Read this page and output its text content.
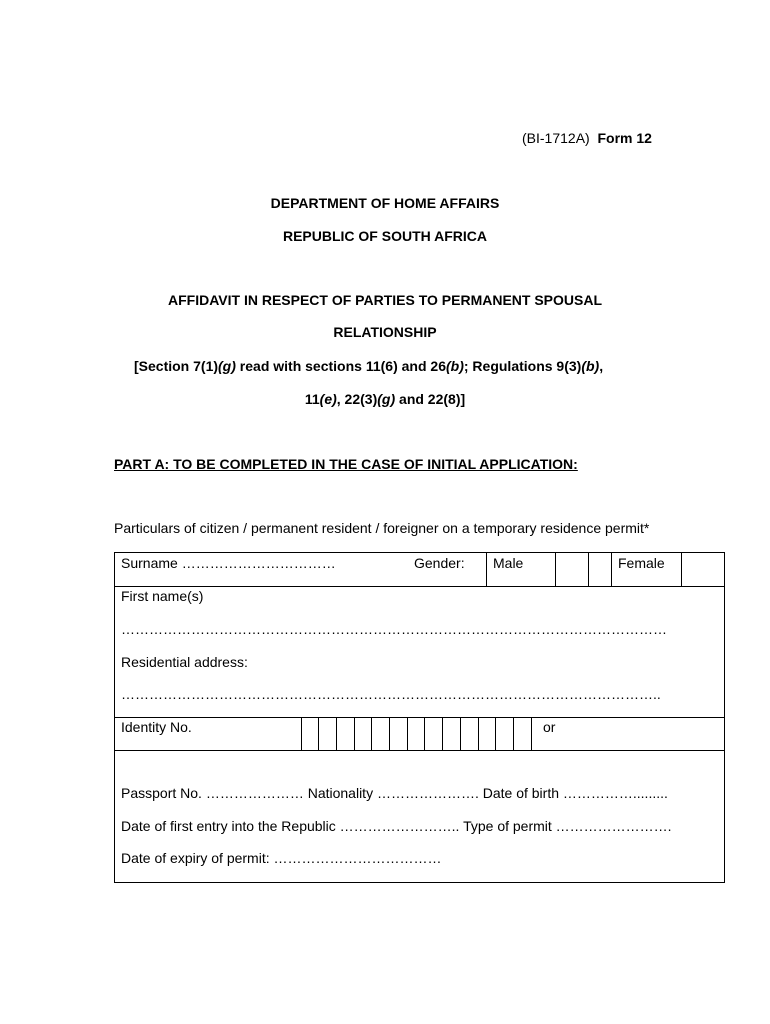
(BI-1712A) Form 12
DEPARTMENT OF HOME AFFAIRS
REPUBLIC OF SOUTH AFRICA
AFFIDAVIT IN RESPECT OF PARTIES TO PERMANENT SPOUSAL
RELATIONSHIP
[Section 7(1)(g) read with sections 11(6) and 26(b); Regulations 9(3)(b),
11(e), 22(3)(g) and 22(8)]
PART A: TO BE COMPLETED IN THE CASE OF INITIAL APPLICATION:
Particulars of citizen / permanent resident / foreigner on a temporary residence permit*
Surname ……………………………	Gender: Male	Female
First name(s)
………………………………………………………………………………………………………
Residential address:
……………………………………………………………………………………………………..
Identity No.	or
Passport No. ………………… Nationality …………………. Date of birth …………….........
Date of first entry into the Republic …………………….. Type of permit …………………….
Date of expiry of permit: ………………………………
